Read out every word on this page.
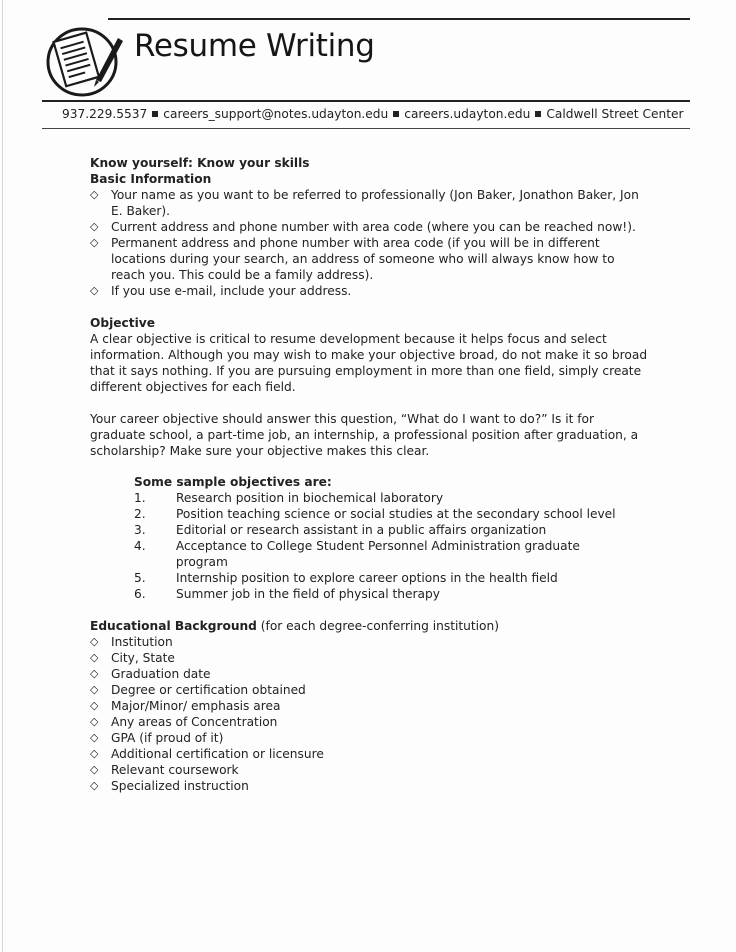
Resume Writing
937.229.5537 careers_support@notes.udayton.edu careers.udayton.edu Caldwell Street Center
Know yourself: Know your skills
Basic Information
◇ Your name as you want to be referred to professionally (Jon Baker, Jonathon Baker, Jon E. Baker).
◇ Current address and phone number with area code (where you can be reached now!).
◇ Permanent address and phone number with area code (if you will be in different locations during your search, an address of someone who will always know how to reach you. This could be a family address).
◇ If you use e-mail, include your address.
Objective
A clear objective is critical to resume development because it helps focus and select information. Although you may wish to make your objective broad, do not make it so broad that it says nothing. If you are pursuing employment in more than one field, simply create different objectives for each field.
Your career objective should answer this question, “What do I want to do?” Is it for graduate school, a part-time job, an internship, a professional position after graduation, a scholarship? Make sure your objective makes this clear.
Some sample objectives are:
1.	Research position in biochemical laboratory
2.	Position teaching science or social studies at the secondary school level
3.	Editorial or research assistant in a public affairs organization
4.	Acceptance to College Student Personnel Administration graduate program
5.	Internship position to explore career options in the health field
6.	Summer job in the field of physical therapy
Educational Background (for each degree-conferring institution)
◇ Institution
◇ City, State
◇ Graduation date
◇ Degree or certification obtained
◇ Major/Minor/ emphasis area
◇ Any areas of Concentration
◇ GPA (if proud of it)
◇ Additional certification or licensure
◇ Relevant coursework
◇ Specialized instruction
